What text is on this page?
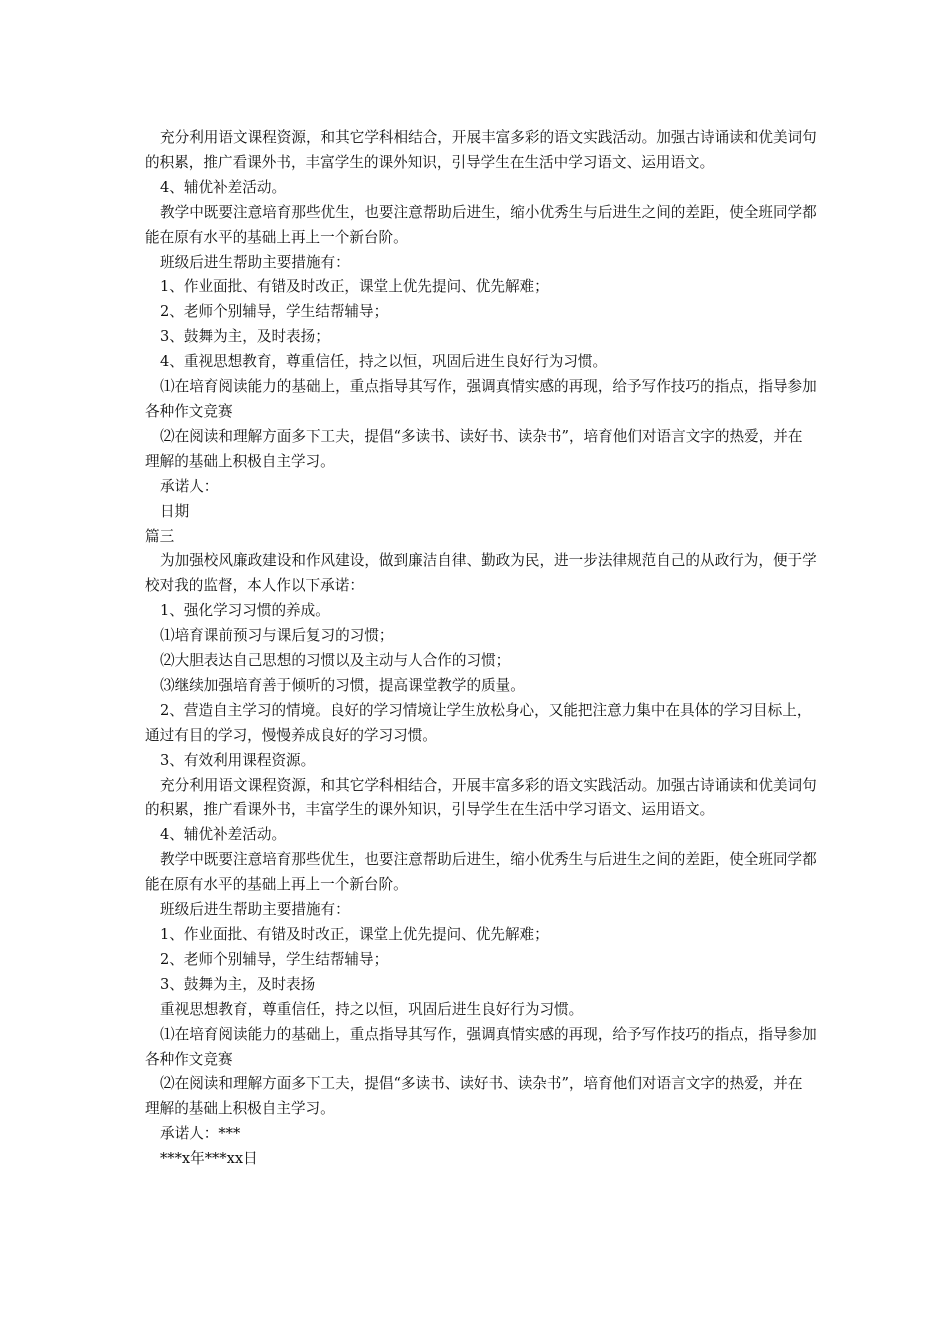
充分利用语文课程资源，和其它学科相结合，开展丰富多彩的语文实践活动。加强古诗诵读和优美词句的积累，推广看课外书，丰富学生的课外知识，引导学生在生活中学习语文、运用语文。

4、辅优补差活动。

教学中既要注意培育那些优生，也要注意帮助后进生，缩小优秀生与后进生之间的差距，使全班同学都能在原有水平的基础上再上一个新台阶。

班级后进生帮助主要措施有：

1、作业面批、有错及时改正，课堂上优先提问、优先解难；

2、老师个别辅导，学生结帮辅导；

3、鼓舞为主，及时表扬；

4、重视思想教育，尊重信任，持之以恒，巩固后进生良好行为习惯。

⑴在培育阅读能力的基础上，重点指导其写作，强调真情实感的再现，给予写作技巧的指点，指导参加各种作文竞赛

⑵在阅读和理解方面多下工夫，提倡“多读书、读好书、读杂书”，培育他们对语言文字的热爱，并在理解的基础上积极自主学习。

承诺人：

日期

篇三

为加强校风廉政建设和作风建设，做到廉洁自律、勤政为民，进一步法律规范自己的从政行为，便于学校对我的监督，本人作以下承诺：

1、强化学习习惯的养成。

⑴培育课前预习与课后复习的习惯；

⑵大胆表达自己思想的习惯以及主动与人合作的习惯；

⑶继续加强培育善于倾听的习惯，提高课堂教学的质量。

2、营造自主学习的情境。良好的学习情境让学生放松身心，又能把注意力集中在具体的学习目标上，通过有目的学习，慢慢养成良好的学习习惯。

3、有效利用课程资源。

充分利用语文课程资源，和其它学科相结合，开展丰富多彩的语文实践活动。加强古诗诵读和优美词句的积累，推广看课外书，丰富学生的课外知识，引导学生在生活中学习语文、运用语文。

4、辅优补差活动。

教学中既要注意培育那些优生，也要注意帮助后进生，缩小优秀生与后进生之间的差距，使全班同学都能在原有水平的基础上再上一个新台阶。

班级后进生帮助主要措施有：

1、作业面批、有错及时改正，课堂上优先提问、优先解难；

2、老师个别辅导，学生结帮辅导；

3、鼓舞为主，及时表扬

重视思想教育，尊重信任，持之以恒，巩固后进生良好行为习惯。

⑴在培育阅读能力的基础上，重点指导其写作，强调真情实感的再现，给予写作技巧的指点，指导参加各种作文竞赛

⑵在阅读和理解方面多下工夫，提倡“多读书、读好书、读杂书”，培育他们对语言文字的热爱，并在理解的基础上积极自主学习。

承诺人：***

***x年***xx日
